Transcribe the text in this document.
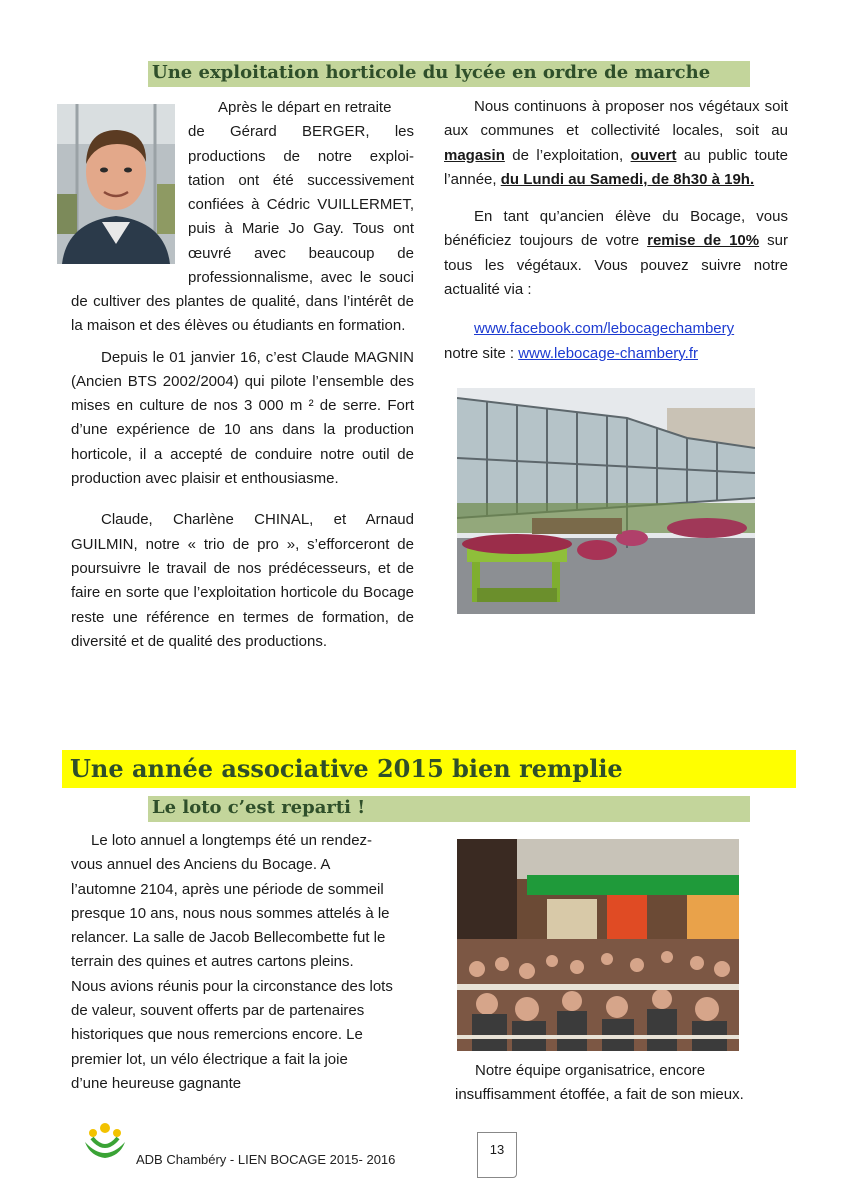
Une exploitation horticole du lycée en ordre de marche
Après le départ en retraite
de Gérard BERGER, les
productions de notre exploi-
tation ont été successivement
confiées à Cédric VUILLERMET,
puis à Marie Jo Gay. Tous ont
œuvré avec beaucoup de
professionnalisme, avec le souci

de cultiver des plantes de qualité, dans l’intérêt de la maison et des élèves ou étudiants en formation.

Depuis le 01 janvier 16, c’est Claude MAGNIN (Ancien BTS 2002/2004) qui pilote l’ensemble des mises en culture de nos 3 000 m ² de serre. Fort d’une expérience de 10 ans dans la production horticole, il a accepté de conduire notre outil de production avec plaisir et enthousiasme.

Claude, Charlène CHINAL, et Arnaud GUILMIN, notre « trio de pro », s’efforceront de poursuivre le travail de nos prédécesseurs, et de faire en sorte que l’exploitation horticole du Bocage reste une référence en termes de formation, de diversité et de qualité des productions.

Nous continuons à proposer nos végétaux soit aux communes et collectivité locales, soit au magasin de l’exploitation, ouvert au public toute l’année, du Lundi au Samedi, de 8h30 à 19h.

En tant qu’ancien élève du Bocage, vous bénéficiez toujours de votre remise de 10% sur tous les végétaux. Vous pouvez suivre notre actualité via :

www.facebook.com/lebocagechambery

notre site : www.lebocage-chambery.fr

Une année associative 2015 bien remplie
Le loto c’est reparti !
Le loto annuel a longtemps été un rendez-
vous annuel des Anciens du Bocage. A
l’automne 2104, après une période de sommeil
presque 10 ans, nous nous sommes attelés à le
relancer. La salle de Jacob Bellecombette fut le
terrain des quines et autres cartons pleins.
Nous avions réunis pour la circonstance des lots
de valeur, souvent offerts par de partenaires
historiques que nous remercions encore. Le
premier lot, un vélo électrique a fait la joie
d’une heureuse gagnante
Notre équipe organisatrice, encore
insuffisamment étoffée, a fait de son mieux.
ADB Chambéry - LIEN BOCAGE 2015- 2016
13
